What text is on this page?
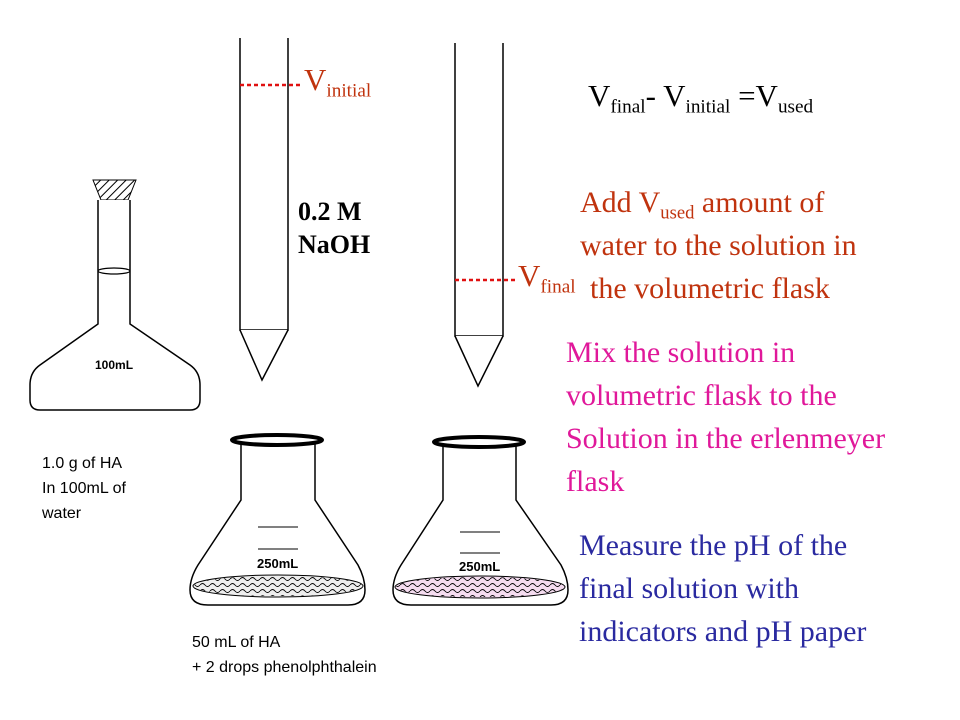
$V_{initial}$
$V_{final}$
0.2 M
NaOH
100mL
250mL	250mL
1.0 g of HA
In 100mL of
water
50 mL of HA
+ 2 drops phenolphthalein
$V_{final}-$ $V_{initial} =V_{used}$
Add $V_{used}$ amount of
water to the solution in
the volumetric flask
Mix the solution in
volumetric flask to the
Solution in the erlenmeyer
flask
Measure the pH of the
final solution with
indicators and pH paper
